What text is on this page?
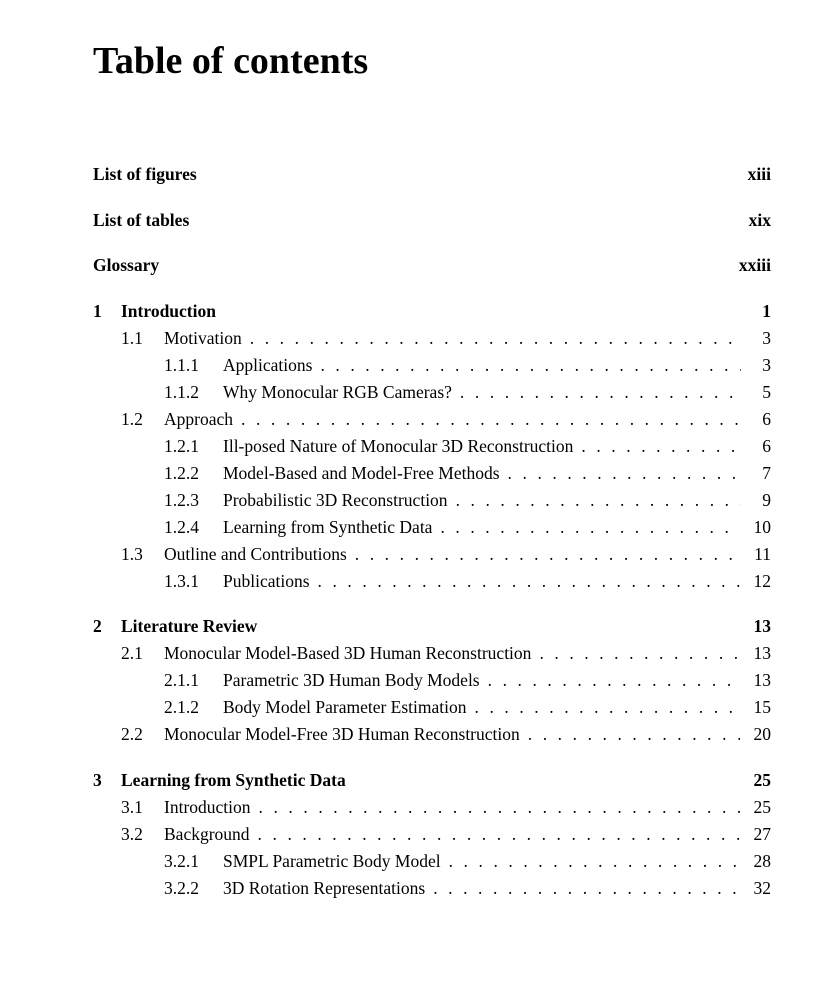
Table of contents
List of figures	xiii
List of tables	xix
Glossary	xxiii
1	Introduction	1
1.1	Motivation . . .	3
1.1.1	Applications . . .	3
1.1.2	Why Monocular RGB Cameras? . . .	5
1.2	Approach . . .	6
1.2.1	Ill-posed Nature of Monocular 3D Reconstruction . . .	6
1.2.2	Model-Based and Model-Free Methods . . .	7
1.2.3	Probabilistic 3D Reconstruction . . .	9
1.2.4	Learning from Synthetic Data . . .	10
1.3	Outline and Contributions . . .	11
1.3.1	Publications . . .	12
2	Literature Review	13
2.1	Monocular Model-Based 3D Human Reconstruction . . .	13
2.1.1	Parametric 3D Human Body Models . . .	13
2.1.2	Body Model Parameter Estimation . . .	15
2.2	Monocular Model-Free 3D Human Reconstruction . . .	20
3	Learning from Synthetic Data	25
3.1	Introduction . . .	25
3.2	Background . . .	27
3.2.1	SMPL Parametric Body Model . . .	28
3.2.2	3D Rotation Representations . . .	32
